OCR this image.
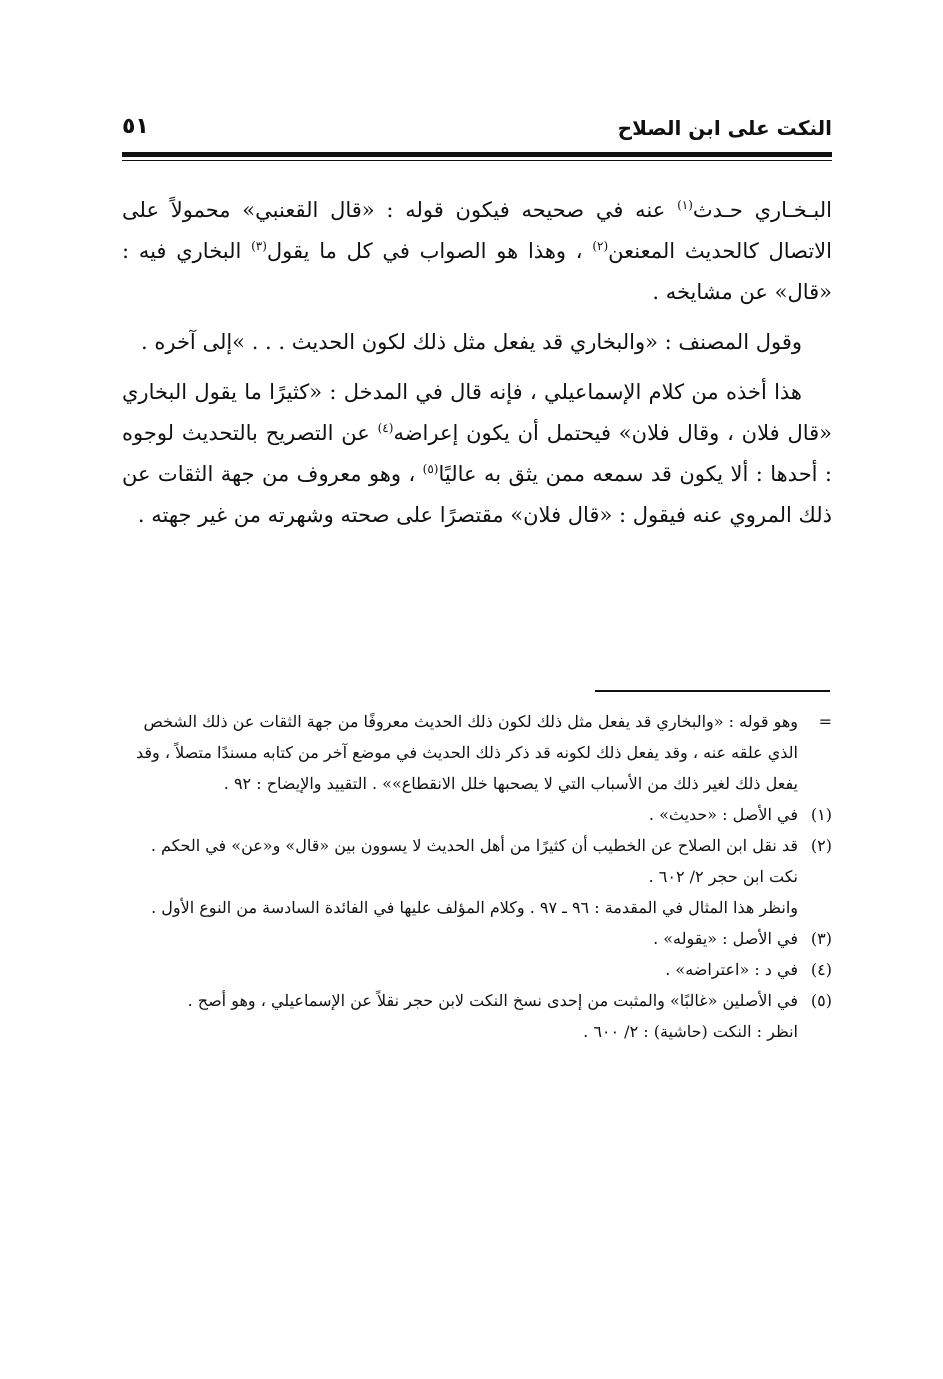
النكت على ابن الصلاح
٥١

البـخـاري حـدث$^{(١)}$ عنه في صحيحه فيكون قوله : «قال القعنبي» محمولاً على الاتصال كالحديث المعنعن$^{(٢)}$ ، وهذا هو الصواب في كل ما يقول$^{(٣)}$ البخاري فيه : «قال» عن مشايخه .

وقول المصنف : «والبخاري قد يفعل مثل ذلك لكون الحديث . . . »إلى آخره .

هذا أخذه من كلام الإسماعيلي ، فإنه قال في المدخل : «كثيرًا ما يقول البخاري «قال فلان ، وقال فلان» فيحتمل أن يكون إعراضه$^{(٤)}$ عن التصريح بالتحديث لوجوه : أحدها : ألا يكون قد سمعه ممن يثق به عاليًا$^{(٥)}$ ، وهو معروف من جهة الثقات عن ذلك المروي عنه فيقول : «قال فلان» مقتصرًا على صحته وشهرته من غير جهته .

=

وهو قوله : «والبخاري قد يفعل مثل ذلك لكون ذلك الحديث معروفًا من جهة الثقات عن ذلك الشخص الذي علقه عنه ، وقد يفعل ذلك لكونه قد ذكر ذلك الحديث في موضع آخر من كتابه مسندًا متصلاً ، وقد يفعل ذلك لغير ذلك من الأسباب التي لا يصحبها خلل الانقطاع»» . التقييد والإيضاح : ٩٢ .

(١)

في الأصل : «حديث» .

(٢)

قد نقل ابن الصلاح عن الخطيب أن كثيرًا من أهل الحديث لا يسوون بين «قال» و«عن» في الحكم .

نكت ابن حجر ٢/ ٦٠٢ .

وانظر هذا المثال في المقدمة : ٩٦ ـ ٩٧ . وكلام المؤلف عليها في الفائدة السادسة من النوع الأول .

(٣)

في الأصل : «يقوله» .

(٤)

في د : «اعتراضه» .

(٥)

في الأصلين «غالبًا» والمثبت من إحدى نسخ النكت لابن حجر نقلاً عن الإسماعيلي ، وهو أصح .

انظر : النكت (حاشية) : ٢/ ٦٠٠ .
